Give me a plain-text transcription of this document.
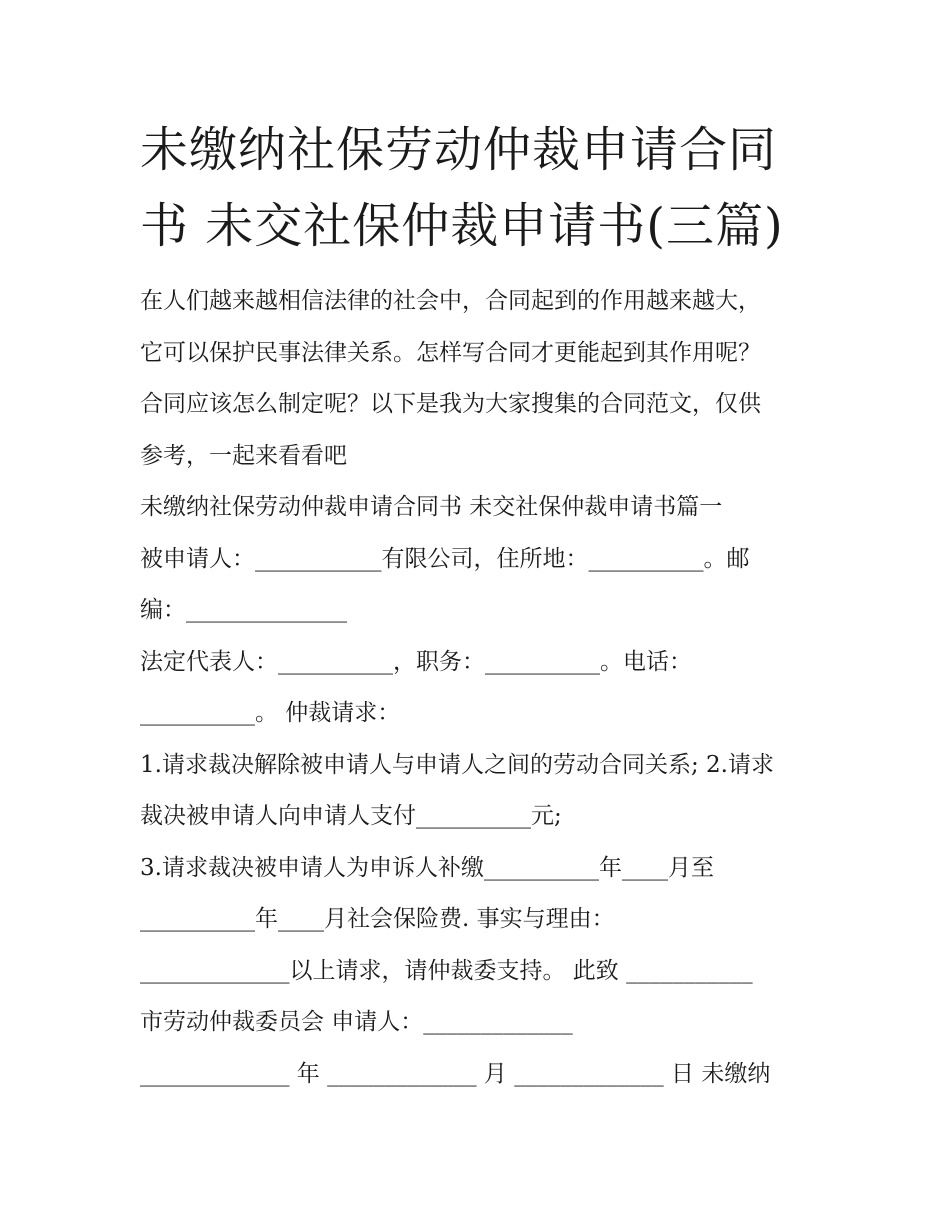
未缴纳社保劳动仲裁申请合同
书 未交社保仲裁申请书(三篇)
在人们越来越相信法律的社会中，合同起到的作用越来越大，
它可以保护民事法律关系。怎样写合同才更能起到其作用呢？
合同应该怎么制定呢？以下是我为大家搜集的合同范文，仅供
参考，一起来看看吧
未缴纳社保劳动仲裁申请合同书 未交社保仲裁申请书篇一
被申请人：___________有限公司，住所地：__________。邮
编：______________
法定代表人：__________，职务：__________。电话：
__________。 仲裁请求：
1.请求裁决解除被申请人与申请人之间的劳动合同关系; 2.请求
裁决被申请人向申请人支付__________元;
3.请求裁决被申请人为申诉人补缴__________年____月至
__________年____月社会保险费. 事实与理由：
_____________以上请求，请仲裁委支持。 此致 ___________
市劳动仲裁委员会 申请人：_____________
_____________ 年 _____________ 月 _____________ 日 未缴纳
